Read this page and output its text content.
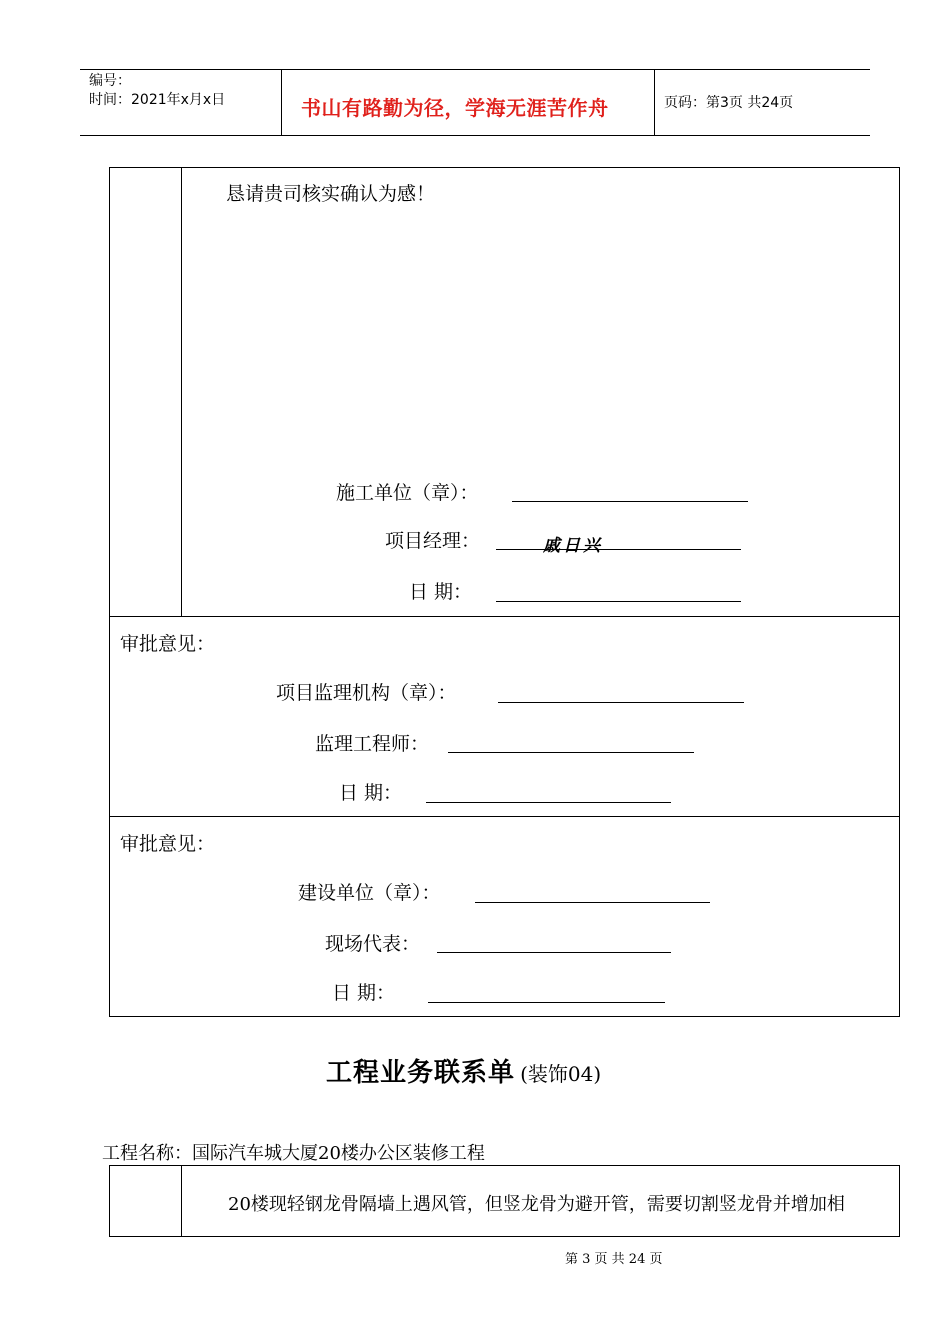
编号：
时间：2021年x月x日	书山有路勤为径，学海无涯苦作舟	页码：第3页 共24页
恳请贵司核实确认为感！
施工单位（章）：
项目经理：	戚日兴
日 期：
审批意见：
项目监理机构（章）：
监理工程师：
日 期：
审批意见：
建设单位（章）：
现场代表：
日 期：
工程业务联系单 (装饰04)
工程名称：国际汽车城大厦20楼办公区装修工程
20楼现轻钢龙骨隔墙上遇风管，但竖龙骨为避开管，需要切割竖龙骨并增加相
第 3 页 共 24 页
